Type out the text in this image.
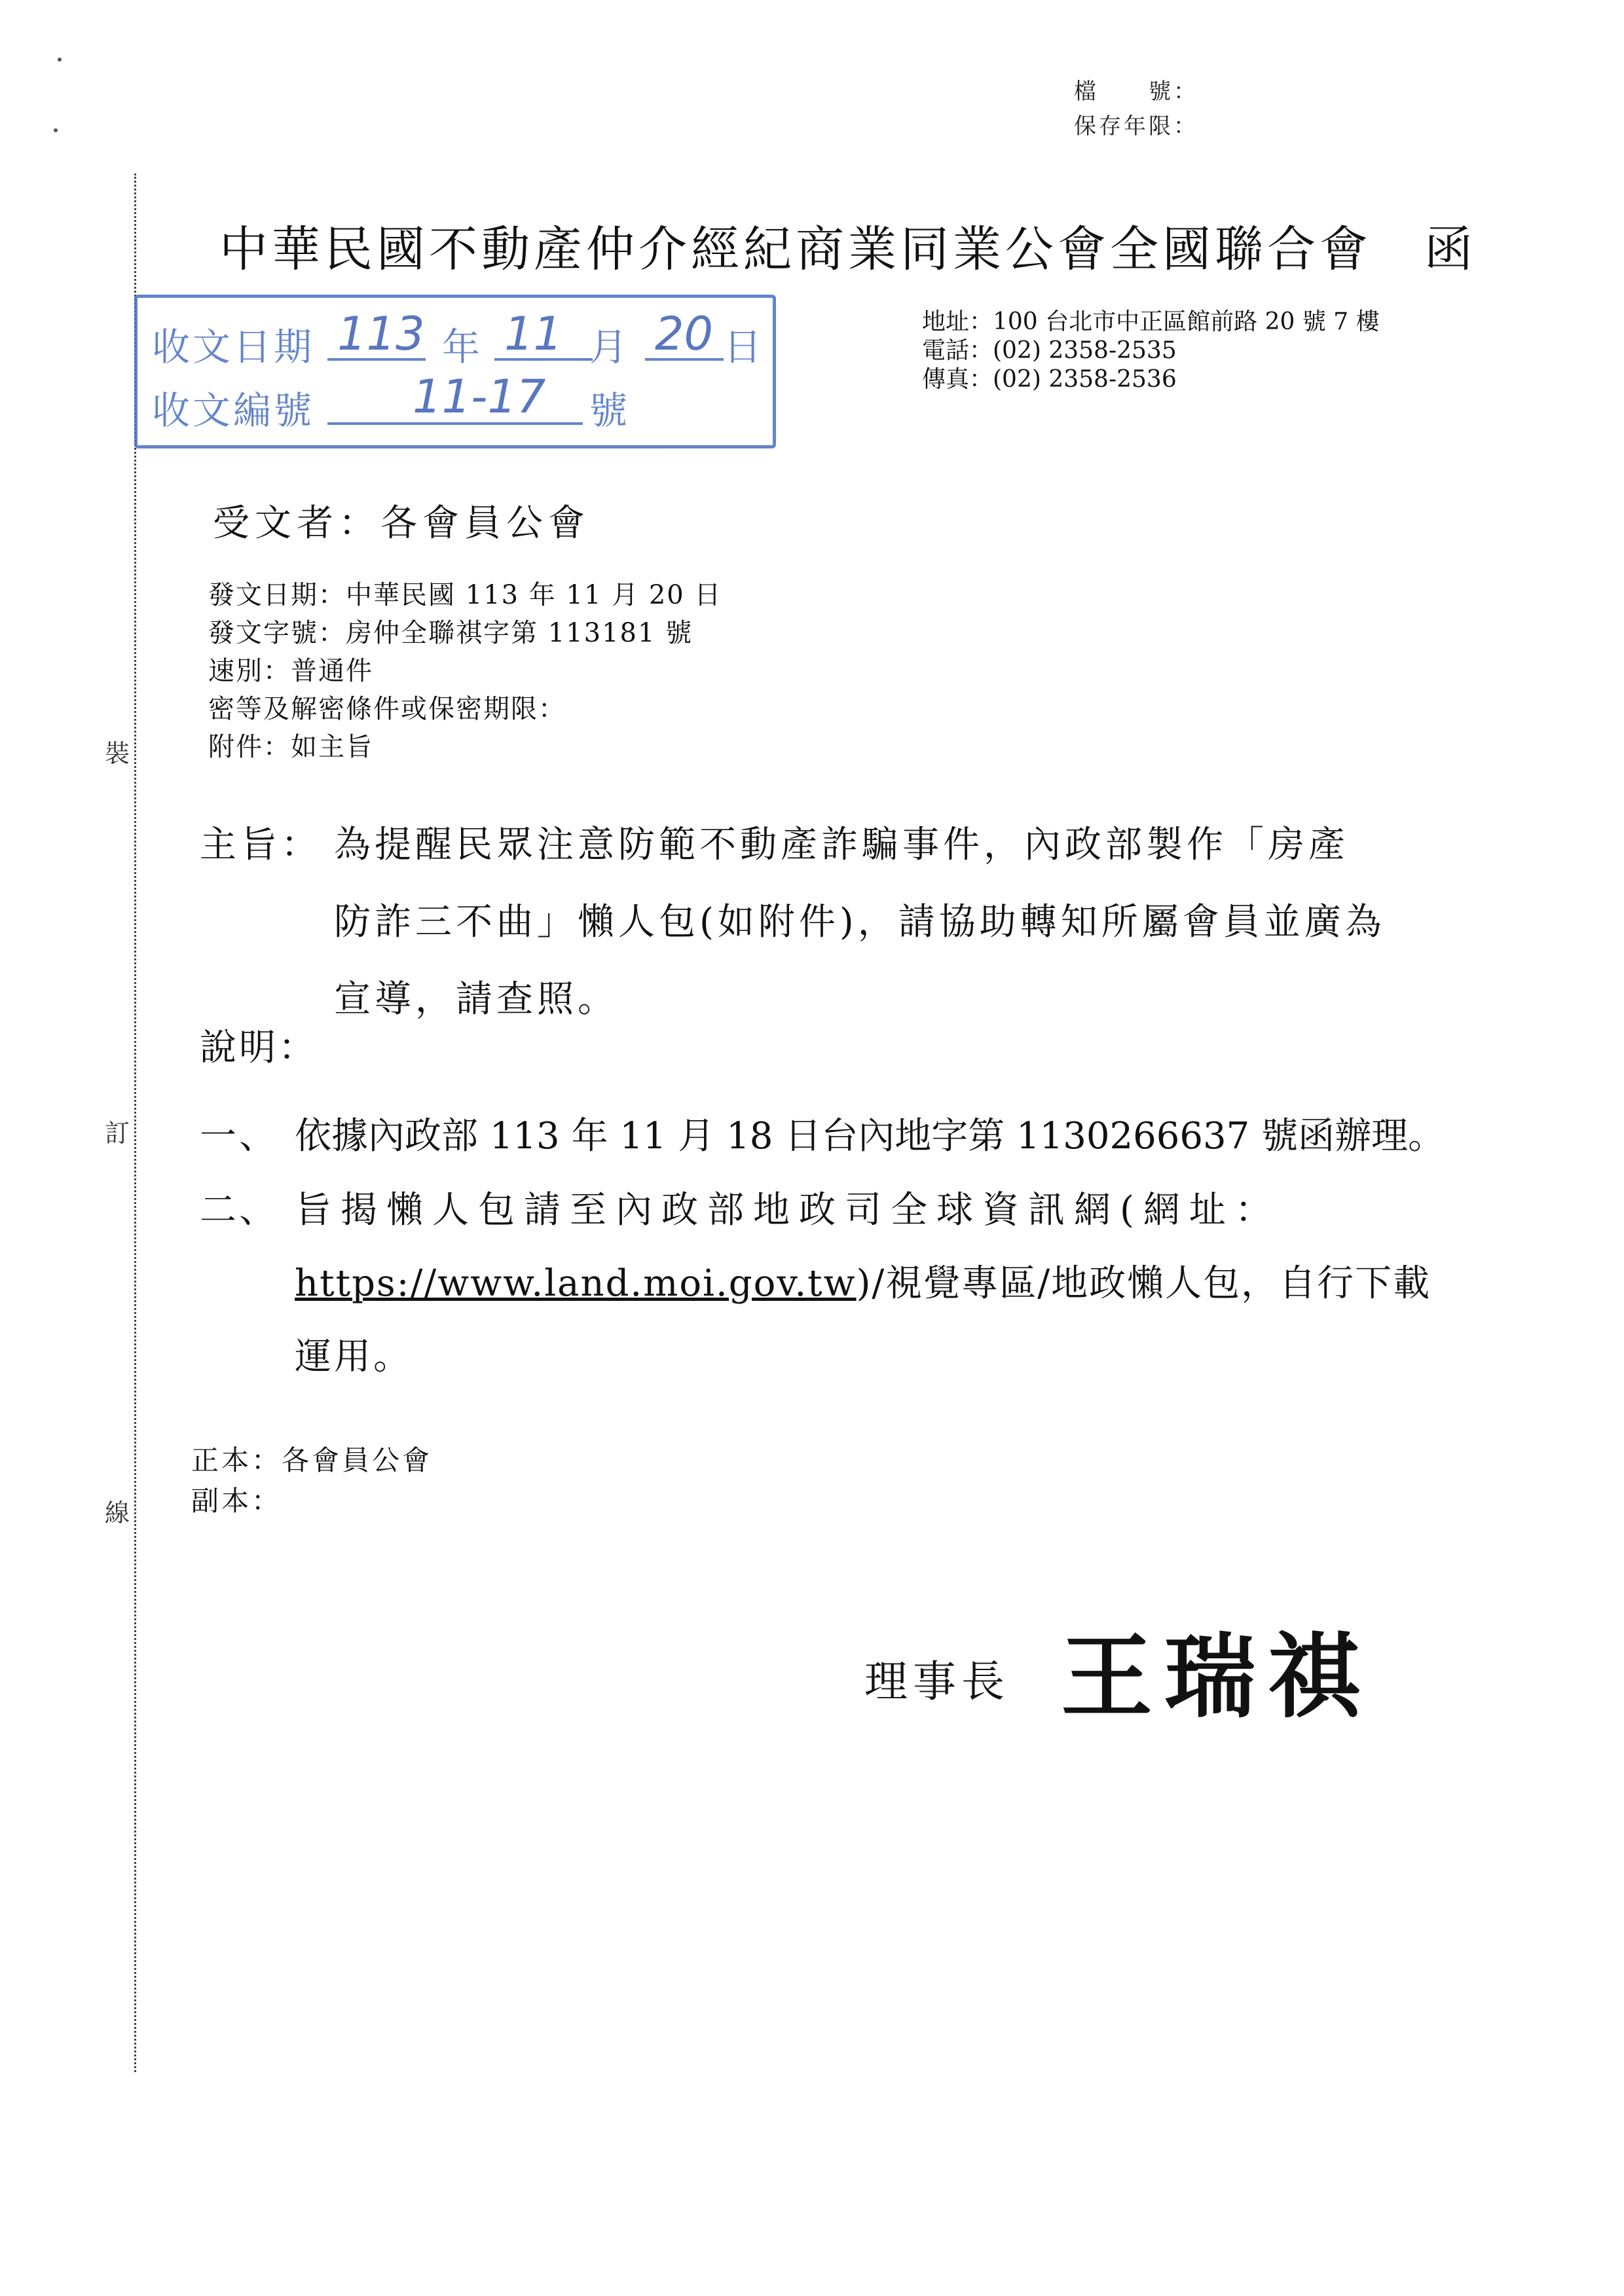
檔　　號：
保存年限：
裝
訂
線
中華民國不動產仲介經紀商業同業公會全國聯合會　函
地址：100 台北市中正區館前路 20 號 7 樓
電話：(02) 2358-2535
傳真：(02) 2358-2536
收文日期 113 年 11 月 20 日
收文編號 11-17 號
受文者：各會員公會
發文日期：中華民國 113 年 11 月 20 日
發文字號：房仲全聯祺字第 113181 號
速別：普通件
密等及解密條件或保密期限：
附件：如主旨
主旨： 為提醒民眾注意防範不動產詐騙事件，內政部製作「房產
防詐三不曲」懶人包(如附件)，請協助轉知所屬會員並廣為
宣導，請查照。
說明：
一、 依據內政部 113 年 11 月 18 日台內地字第 1130266637 號函辦理。
二、 旨揭懶人包請至內政部地政司全球資訊網(網址：
https://www.land.moi.gov.tw)/視覺專區/地政懶人包，自行下載
運用。
正本：各會員公會
副本：
理事長 王瑞祺
